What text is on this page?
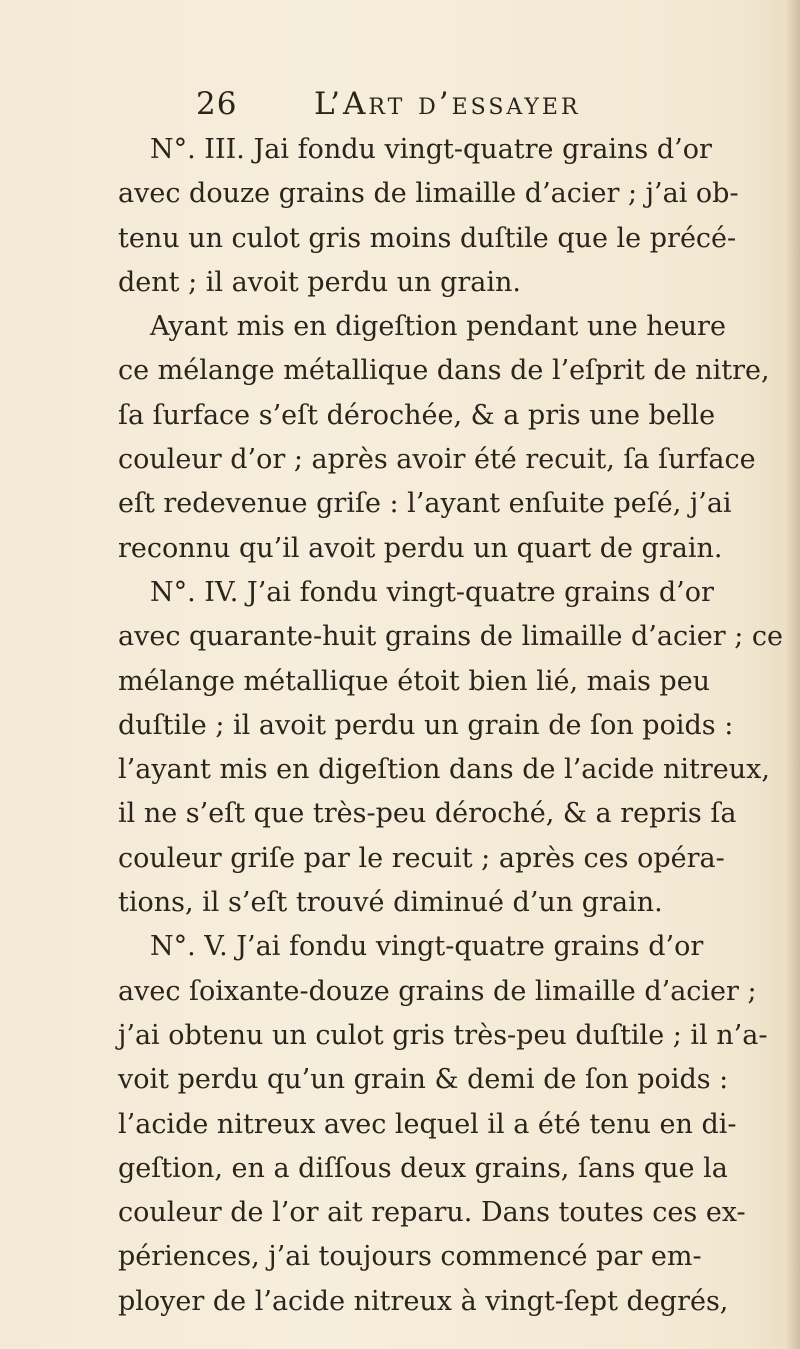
26 L’Art d’essayer
N°. III. Jai fondu vingt-quatre grains d’or
avec douze grains de limaille d’acier ; j’ai ob-
tenu un culot gris moins duſtile que le précé-
dent ; il avoit perdu un grain.
Ayant mis en digeſtion pendant une heure
ce mélange métallique dans de l’eſprit de nitre,
ſa ſurface s’eſt dérochée, & a pris une belle
couleur d’or ; après avoir été recuit, ſa ſurface
eſt redevenue griſe : l’ayant enſuite peſé, j’ai
reconnu qu’il avoit perdu un quart de grain.
N°. IV. J’ai fondu vingt-quatre grains d’or
avec quarante-huit grains de limaille d’acier ; ce
mélange métallique étoit bien lié, mais peu
duſtile ; il avoit perdu un grain de ſon poids :
l’ayant mis en digeſtion dans de l’acide nitreux,
il ne s’eſt que très-peu déroché, & a repris ſa
couleur griſe par le recuit ; après ces opéra-
tions, il s’eſt trouvé diminué d’un grain.
N°. V. J’ai fondu vingt-quatre grains d’or
avec ſoixante-douze grains de limaille d’acier ;
j’ai obtenu un culot gris très-peu duſtile ; il n’a-
voit perdu qu’un grain & demi de ſon poids :
l’acide nitreux avec lequel il a été tenu en di-
geſtion, en a diſſous deux grains, ſans que la
couleur de l’or ait reparu. Dans toutes ces ex-
périences, j’ai toujours commencé par em-
ployer de l’acide nitreux à vingt-ſept degrés,
